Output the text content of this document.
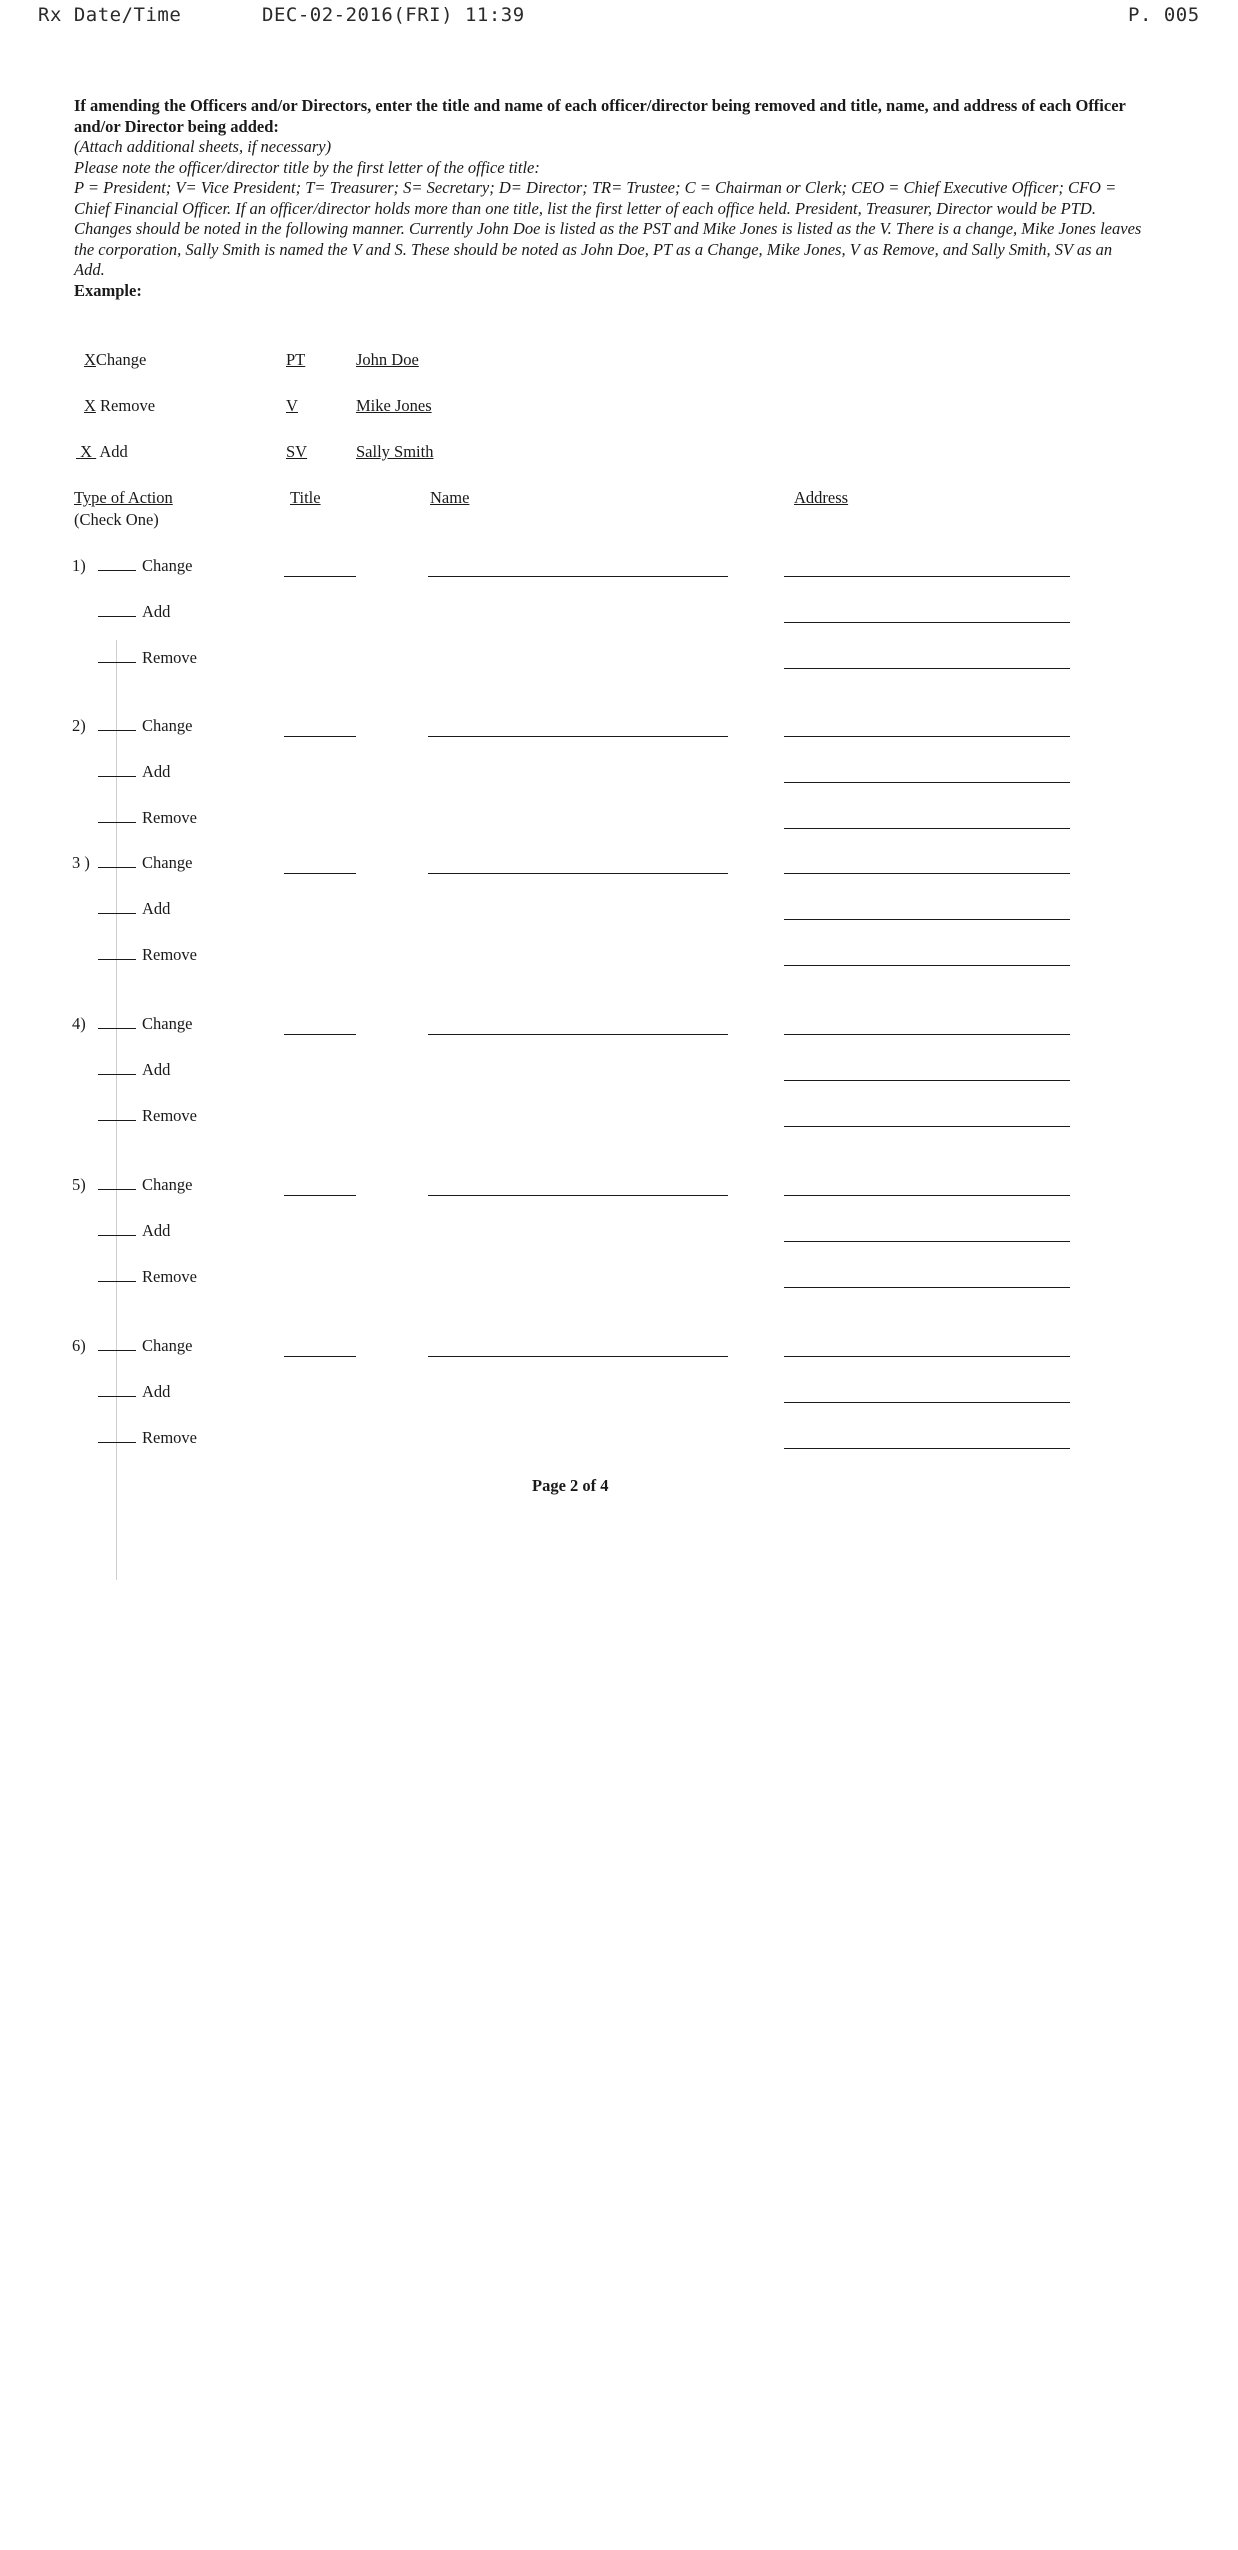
Rx Date/Time	DEC-02-2016(FRI) 11:39	P. 005

If amending the Officers and/or Directors, enter the title and name of each officer/director being removed and title, name, and address of each Officer and/or Director being added:

(Attach additional sheets, if necessary)

Please note the officer/director title by the first letter of the office title:

P = President; V= Vice President; T= Treasurer; S= Secretary; D= Director; TR= Trustee; C = Chairman or Clerk; CEO = Chief Executive Officer; CFO = Chief Financial Officer. If an officer/director holds more than one title, list the first letter of each office held. President, Treasurer, Director would be PTD.

Changes should be noted in the following manner. Currently John Doe is listed as the PST and Mike Jones is listed as the V. There is a change, Mike Jones leaves the corporation, Sally Smith is named the V and S. These should be noted as John Doe, PT as a Change, Mike Jones, V as Remove, and Sally Smith, SV as an Add.

Example:

XChange	PT	John Doe
X Remove	V	Mike Jones
X Add	SV	Sally Smith
Type of Action
(Check One)
Title	Name	Address
1)	Change
Add
Remove
2)	Change
Add
Remove
3 )	Change
Add
Remove
4)	Change
Add
Remove
5)	Change
Add
Remove
6)	Change
Add
Remove
Page 2 of 4
